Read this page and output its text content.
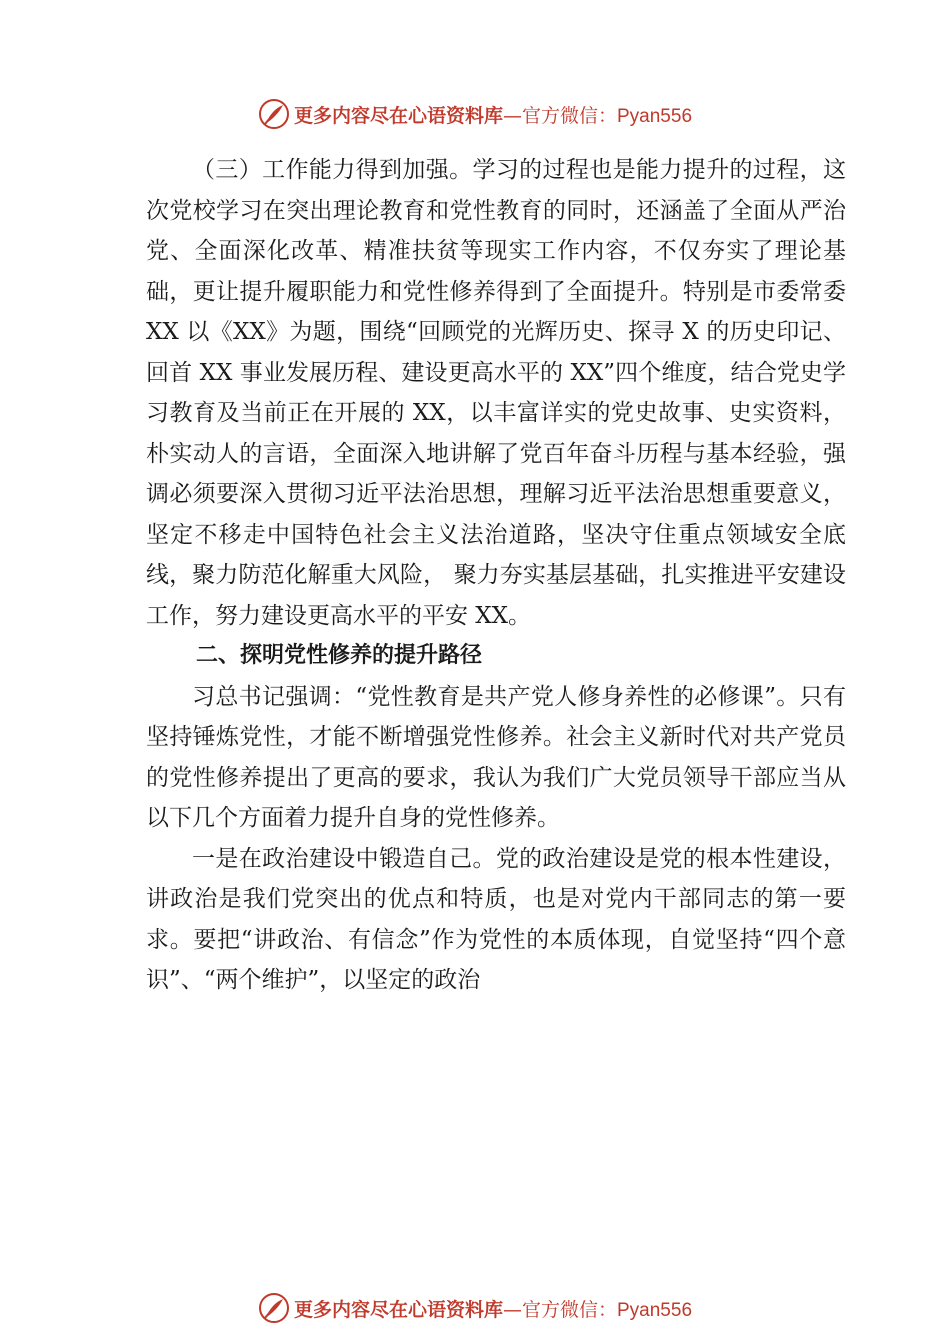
更多内容尽在心语资料库—官方微信：Pyan556

（三）工作能力得到加强。学习的过程也是能力提升的过程，这次党校学习在突出理论教育和党性教育的同时，还涵盖了全面从严治党、全面深化改革、精准扶贫等现实工作内容，不仅夯实了理论基础，更让提升履职能力和党性修养得到了全面提升。特别是市委常委 XX 以《XX》为题，围绕“回顾党的光辉历史、探寻 X 的历史印记、回首 XX 事业发展历程、建设更高水平的 XX”四个维度，结合党史学习教育及当前正在开展的 XX，以丰富详实的党史故事、史实资料，朴实动人的言语，全面深入地讲解了党百年奋斗历程与基本经验，强调必须要深入贯彻习近平法治思想，理解习近平法治思想重要意义，坚定不移走中国特色社会主义法治道路，坚决守住重点领域安全底线，聚力防范化解重大风险， 聚力夯实基层基础，扎实推进平安建设工作，努力建设更高水平的平安 XX。

二、探明党性修养的提升路径

习总书记强调：“党性教育是共产党人修身养性的必修课”。只有坚持锤炼党性，才能不断增强党性修养。社会主义新时代对共产党员的党性修养提出了更高的要求，我认为我们广大党员领导干部应当从以下几个方面着力提升自身的党性修养。

一是在政治建设中锻造自己。党的政治建设是党的根本性建设，讲政治是我们党突出的优点和特质，也是对党内干部同志的第一要求。要把“讲政治、有信念”作为党性的本质体现，自觉坚持“四个意识”、“两个维护”，以坚定的政治

更多内容尽在心语资料库—官方微信：Pyan556
